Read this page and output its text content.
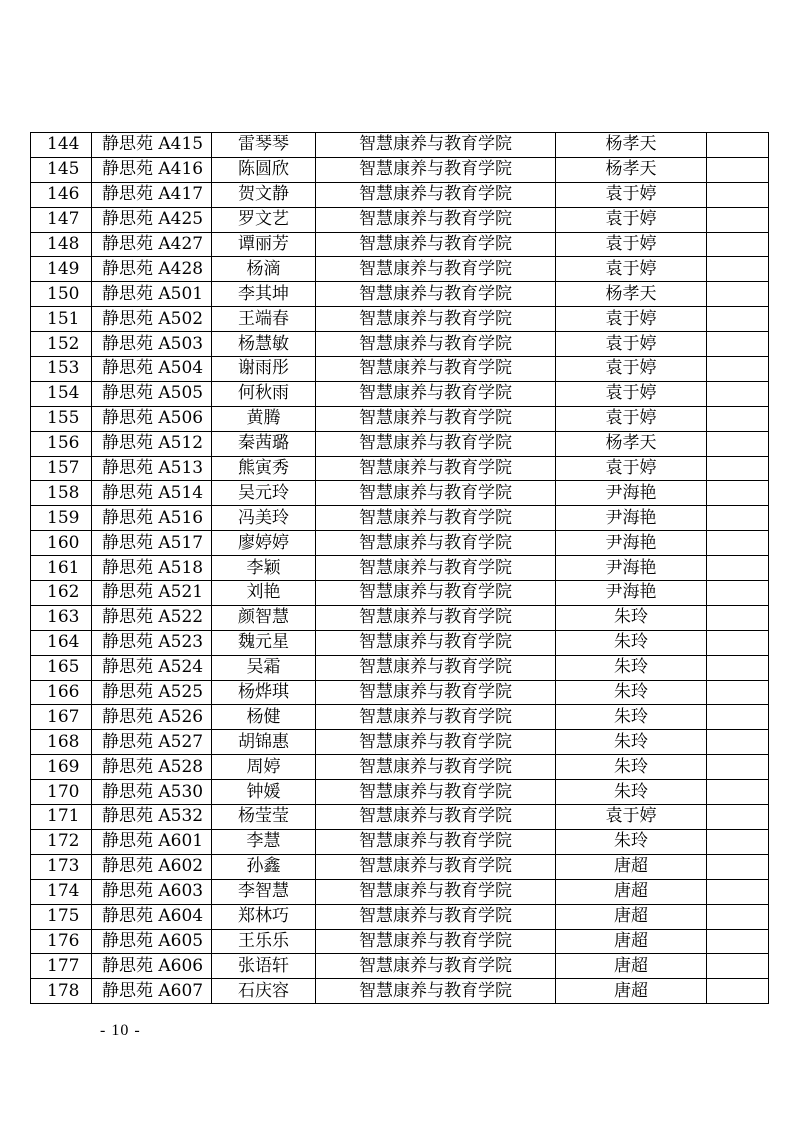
144	静思苑 A415	雷琴琴	智慧康养与教育学院	杨孝天	
145	静思苑 A416	陈圆欣	智慧康养与教育学院	杨孝天	
146	静思苑 A417	贺文静	智慧康养与教育学院	袁于婷	
147	静思苑 A425	罗文艺	智慧康养与教育学院	袁于婷	
148	静思苑 A427	谭丽芳	智慧康养与教育学院	袁于婷	
149	静思苑 A428	杨滴	智慧康养与教育学院	袁于婷	
150	静思苑 A501	李其坤	智慧康养与教育学院	杨孝天	
151	静思苑 A502	王端春	智慧康养与教育学院	袁于婷	
152	静思苑 A503	杨慧敏	智慧康养与教育学院	袁于婷	
153	静思苑 A504	谢雨彤	智慧康养与教育学院	袁于婷	
154	静思苑 A505	何秋雨	智慧康养与教育学院	袁于婷	
155	静思苑 A506	黄腾	智慧康养与教育学院	袁于婷	
156	静思苑 A512	秦茜璐	智慧康养与教育学院	杨孝天	
157	静思苑 A513	熊寅秀	智慧康养与教育学院	袁于婷	
158	静思苑 A514	吴元玲	智慧康养与教育学院	尹海艳	
159	静思苑 A516	冯美玲	智慧康养与教育学院	尹海艳	
160	静思苑 A517	廖婷婷	智慧康养与教育学院	尹海艳	
161	静思苑 A518	李颖	智慧康养与教育学院	尹海艳	
162	静思苑 A521	刘艳	智慧康养与教育学院	尹海艳	
163	静思苑 A522	颜智慧	智慧康养与教育学院	朱玲	
164	静思苑 A523	魏元星	智慧康养与教育学院	朱玲	
165	静思苑 A524	吴霜	智慧康养与教育学院	朱玲	
166	静思苑 A525	杨烨琪	智慧康养与教育学院	朱玲	
167	静思苑 A526	杨健	智慧康养与教育学院	朱玲	
168	静思苑 A527	胡锦惠	智慧康养与教育学院	朱玲	
169	静思苑 A528	周婷	智慧康养与教育学院	朱玲	
170	静思苑 A530	钟媛	智慧康养与教育学院	朱玲	
171	静思苑 A532	杨莹莹	智慧康养与教育学院	袁于婷	
172	静思苑 A601	李慧	智慧康养与教育学院	朱玲	
173	静思苑 A602	孙鑫	智慧康养与教育学院	唐超	
174	静思苑 A603	李智慧	智慧康养与教育学院	唐超	
175	静思苑 A604	郑林巧	智慧康养与教育学院	唐超	
176	静思苑 A605	王乐乐	智慧康养与教育学院	唐超	
177	静思苑 A606	张语轩	智慧康养与教育学院	唐超	
178	静思苑 A607	石庆容	智慧康养与教育学院	唐超	
- 10 -
